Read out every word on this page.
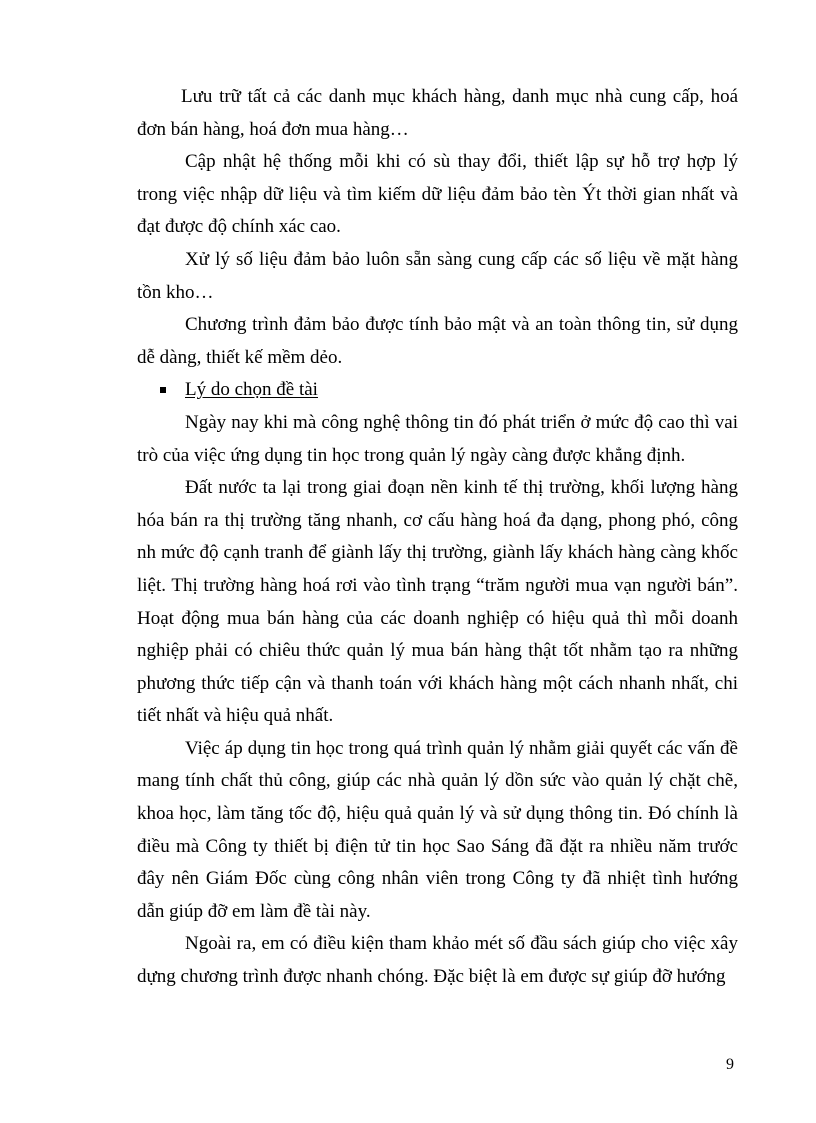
Lưu trữ tất cả các danh mục khách hàng, danh mục nhà cung cấp, hoá đơn bán hàng, hoá đơn mua hàng…

Cập nhật hệ thống mỗi khi có sù thay đổi, thiết lập sự hỗ trợ hợp lý trong việc nhập dữ liệu và tìm kiếm dữ liệu đảm bảo tèn Ýt thời gian nhất và đạt được độ chính xác cao.

Xử lý số liệu đảm bảo luôn sẵn sàng cung cấp các số liệu về mặt hàng tồn kho…

Chương trình đảm bảo được tính bảo mật và an toàn thông tin, sử dụng dễ dàng, thiết kế mềm dẻo.

Lý do chọn đề tài

Ngày nay khi mà công nghệ thông tin đó phát triển ở mức độ cao thì vai trò của việc ứng dụng tin học trong quản lý ngày càng được khẳng định.

Đất nước ta lại trong giai đoạn nền kinh tế thị trường, khối lượng hàng hóa bán ra thị trường tăng nhanh, cơ cấu hàng hoá đa dạng, phong phó, công nh mức độ cạnh tranh để giành lấy thị trường, giành lấy khách hàng càng khốc liệt. Thị trường hàng hoá rơi vào tình trạng “trăm người mua vạn người bán”. Hoạt động mua bán hàng của các doanh nghiệp có hiệu quả thì mỗi doanh nghiệp phải có chiêu thức quản lý mua bán hàng thật tốt nhằm tạo ra những phương thức tiếp cận và thanh toán với khách hàng một cách nhanh nhất, chi tiết nhất và hiệu quả nhất.

Việc áp dụng tin học trong quá trình quản lý nhằm giải quyết các vấn đề mang tính chất thủ công, giúp các nhà quản lý dồn sức vào quản lý chặt chẽ, khoa học, làm tăng tốc độ, hiệu quả quản lý và sử dụng thông tin. Đó chính là điều mà Công ty thiết bị điện tử tin học Sao Sáng đã đặt ra nhiều năm trước đây nên Giám Đốc cùng công nhân viên trong Công ty đã nhiệt tình hướng dẫn giúp đỡ em làm đề tài này.

Ngoài ra, em có điều kiện tham khảo mét số đầu sách giúp cho việc xây dựng chương trình được nhanh chóng. Đặc biệt là em được sự giúp đỡ hướng

9
